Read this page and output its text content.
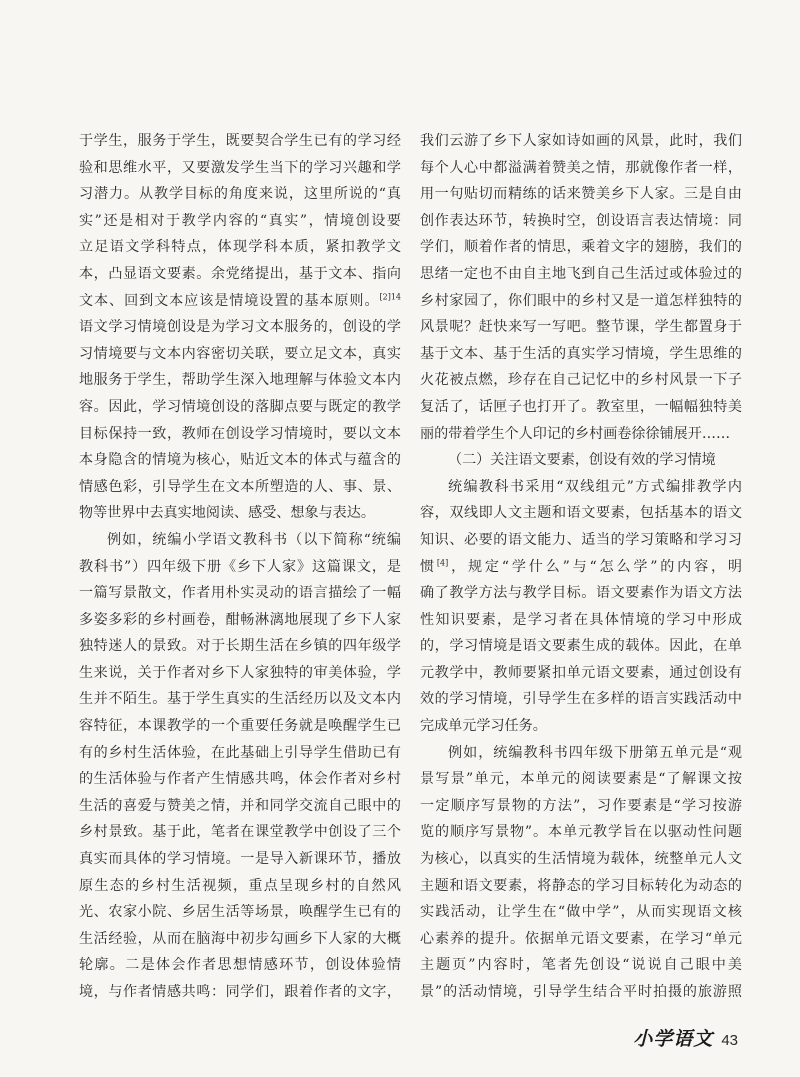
于学生，服务于学生，既要契合学生已有的学习经
验和思维水平，又要激发学生当下的学习兴趣和学
习潜力。从教学目标的角度来说，这里所说的“真
实”还是相对于教学内容的“真实”，情境创设要
立足语文学科特点，体现学科本质，紧扣教学文
本，凸显语文要素。余党绪提出，基于文本、指向
文本、回到文本应该是情境设置的基本原则。$^{[2]14}$
语文学习情境创设是为学习文本服务的，创设的学
习情境要与文本内容密切关联，要立足文本，真实
地服务于学生，帮助学生深入地理解与体验文本内
容。因此，学习情境创设的落脚点要与既定的教学
目标保持一致，教师在创设学习情境时，要以文本
本身隐含的情境为核心，贴近文本的体式与蕴含的
情感色彩，引导学生在文本所塑造的人、事、景、
物等世界中去真实地阅读、感受、想象与表达。
例如，统编小学语文教科书（以下简称“统编
教科书”）四年级下册《乡下人家》这篇课文，是
一篇写景散文，作者用朴实灵动的语言描绘了一幅
多姿多彩的乡村画卷，酣畅淋漓地展现了乡下人家
独特迷人的景致。对于长期生活在乡镇的四年级学
生来说，关于作者对乡下人家独特的审美体验，学
生并不陌生。基于学生真实的生活经历以及文本内
容特征，本课教学的一个重要任务就是唤醒学生已
有的乡村生活体验，在此基础上引导学生借助已有
的生活体验与作者产生情感共鸣，体会作者对乡村
生活的喜爱与赞美之情，并和同学交流自己眼中的
乡村景致。基于此，笔者在课堂教学中创设了三个
真实而具体的学习情境。一是导入新课环节，播放
原生态的乡村生活视频，重点呈现乡村的自然风
光、农家小院、乡居生活等场景，唤醒学生已有的
生活经验，从而在脑海中初步勾画乡下人家的大概
轮廓。二是体会作者思想情感环节，创设体验情
境，与作者情感共鸣：同学们，跟着作者的文字，
我们云游了乡下人家如诗如画的风景，此时，我们
每个人心中都溢满着赞美之情，那就像作者一样，
用一句贴切而精练的话来赞美乡下人家。三是自由
创作表达环节，转换时空，创设语言表达情境：同
学们，顺着作者的情思，乘着文字的翅膀，我们的
思绪一定也不由自主地飞到自己生活过或体验过的
乡村家园了，你们眼中的乡村又是一道怎样独特的
风景呢？赶快来写一写吧。整节课，学生都置身于
基于文本、基于生活的真实学习情境，学生思维的
火花被点燃，珍存在自己记忆中的乡村风景一下子
复活了，话匣子也打开了。教室里，一幅幅独特美
丽的带着学生个人印记的乡村画卷徐徐铺展开……
（二）关注语文要素，创设有效的学习情境
统编教科书采用“双线组元”方式编排教学内
容，双线即人文主题和语文要素，包括基本的语文
知识、必要的语文能力、适当的学习策略和学习习
惯[4]，规定“学什么”与“怎么学”的内容，明
确了教学方法与教学目标。语文要素作为语文方法
性知识要素，是学习者在具体情境的学习中形成
的，学习情境是语文要素生成的载体。因此，在单
元教学中，教师要紧扣单元语文要素，通过创设有
效的学习情境，引导学生在多样的语言实践活动中
完成单元学习任务。
例如，统编教科书四年级下册第五单元是“观
景写景”单元，本单元的阅读要素是“了解课文按
一定顺序写景物的方法”，习作要素是“学习按游
览的顺序写景物”。本单元教学旨在以驱动性问题
为核心，以真实的生活情境为载体，统整单元人文
主题和语文要素，将静态的学习目标转化为动态的
实践活动，让学生在“做中学”，从而实现语文核
心素养的提升。依据单元语文要素，在学习“单元
主题页”内容时，笔者先创设“说说自己眼中美
景”的活动情境，引导学生结合平时拍摄的旅游照
小学语文 43
